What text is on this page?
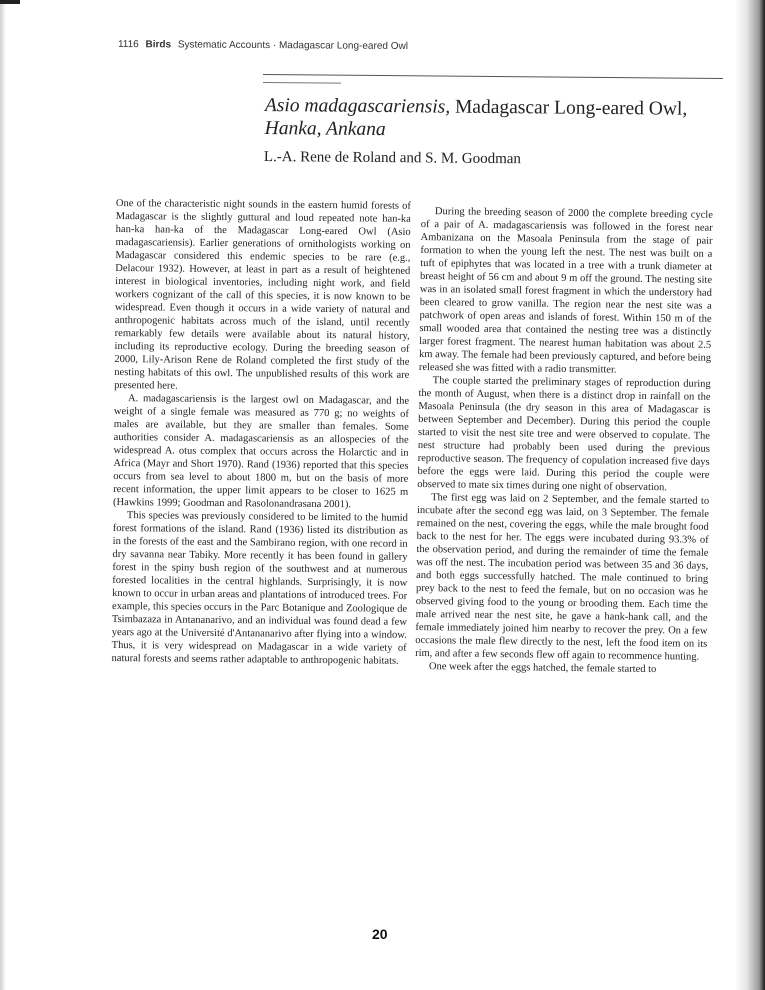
1116 Birds Systematic Accounts · Madagascar Long-eared Owl
Asio madagascariensis, Madagascar Long-eared Owl,
Hanka, Ankana
L.-A. Rene de Roland and S. M. Goodman

One of the characteristic night sounds in the eastern humid forests of Madagascar is the slightly guttural and loud repeated note han-ka han-ka han-ka of the Madagascar Long-eared Owl (Asio madagascariensis). Earlier generations of ornithologists working on Madagascar considered this endemic species to be rare (e.g., Delacour 1932). However, at least in part as a result of heightened interest in biological inventories, including night work, and field workers cognizant of the call of this species, it is now known to be widespread. Even though it occurs in a wide variety of natural and anthropogenic habitats across much of the island, until recently remarkably few details were available about its natural history, including its reproductive ecology. During the breeding season of 2000, Lily-Arison Rene de Roland completed the first study of the nesting habitats of this owl. The unpublished results of this work are presented here.

A. madagascariensis is the largest owl on Madagascar, and the weight of a single female was measured as 770 g; no weights of males are available, but they are smaller than females. Some authorities consider A. madagascariensis as an allospecies of the widespread A. otus complex that occurs across the Holarctic and in Africa (Mayr and Short 1970). Rand (1936) reported that this species occurs from sea level to about 1800 m, but on the basis of more recent information, the upper limit appears to be closer to 1625 m (Hawkins 1999; Goodman and Rasolonandrasana 2001).

This species was previously considered to be limited to the humid forest formations of the island. Rand (1936) listed its distribution as in the forests of the east and the Sambirano region, with one record in dry savanna near Tabiky. More recently it has been found in gallery forest in the spiny bush region of the southwest and at numerous forested localities in the central highlands. Surprisingly, it is now known to occur in urban areas and plantations of introduced trees. For example, this species occurs in the Parc Botanique and Zoologique de Tsimbazaza in Antananarivo, and an individual was found dead a few years ago at the Université d'Antananarivo after flying into a window. Thus, it is very widespread on Madagascar in a wide variety of natural forests and seems rather adaptable to anthropogenic habitats.

During the breeding season of 2000 the complete breeding cycle of a pair of A. madagascariensis was followed in the forest near Ambanizana on the Masoala Peninsula from the stage of pair formation to when the young left the nest. The nest was built on a tuft of epiphytes that was located in a tree with a trunk diameter at breast height of 56 cm and about 9 m off the ground. The nesting site was in an isolated small forest fragment in which the understory had been cleared to grow vanilla. The region near the nest site was a patchwork of open areas and islands of forest. Within 150 m of the small wooded area that contained the nesting tree was a distinctly larger forest fragment. The nearest human habitation was about 2.5 km away. The female had been previously captured, and before being released she was fitted with a radio transmitter.

The couple started the preliminary stages of reproduction during the month of August, when there is a distinct drop in rainfall on the Masoala Peninsula (the dry season in this area of Madagascar is between September and December). During this period the couple started to visit the nest site tree and were observed to copulate. The nest structure had probably been used during the previous reproductive season. The frequency of copulation increased five days before the eggs were laid. During this period the couple were observed to mate six times during one night of observation.

The first egg was laid on 2 September, and the female started to incubate after the second egg was laid, on 3 September. The female remained on the nest, covering the eggs, while the male brought food back to the nest for her. The eggs were incubated during 93.3% of the observation period, and during the remainder of time the female was off the nest. The incubation period was between 35 and 36 days, and both eggs successfully hatched. The male continued to bring prey back to the nest to feed the female, but on no occasion was he observed giving food to the young or brooding them. Each time the male arrived near the nest site, he gave a hank-hank call, and the female immediately joined him nearby to recover the prey. On a few occasions the male flew directly to the nest, left the food item on its rim, and after a few seconds flew off again to recommence hunting.

One week after the eggs hatched, the female started to

20
